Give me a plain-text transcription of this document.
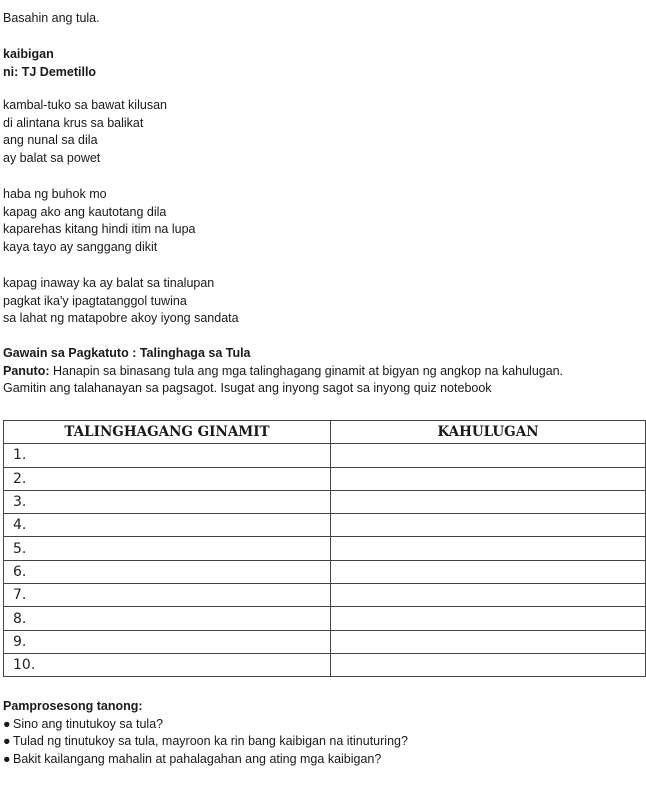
Basahin ang tula.
kaibigan
ni: TJ Demetillo
kambal-tuko sa bawat kilusan
di alintana krus sa balikat
ang nunal sa dila
ay balat sa powet
haba ng buhok mo
kapag ako ang kautotang dila
kaparehas kitang hindi itim na lupa
kaya tayo ay sanggang dikit
kapag inaway ka ay balat sa tinalupan
pagkat ika'y ipagtatanggol tuwina
sa lahat ng matapobre akoy iyong sandata
Gawain sa Pagkatuto : Talinghaga sa Tula
Panuto: Hanapin sa binasang tula ang mga talinghagang ginamit at bigyan ng angkop na kahulugan.
Gamitin ang talahanayan sa pagsagot. Isugat ang inyong sagot sa inyong quiz notebook
TALINGHAGANG GINAMIT	KAHULUGAN
1.	
2.	
3.	
4.	
5.	
6.	
7.	
8.	
9.	
10.	
Pamprosesong tanong:
● Sino ang tinutukoy sa tula?
● Tulad ng tinutukoy sa tula, mayroon ka rin bang kaibigan na itinuturing?
● Bakit kailangang mahalin at pahalagahan ang ating mga kaibigan?
